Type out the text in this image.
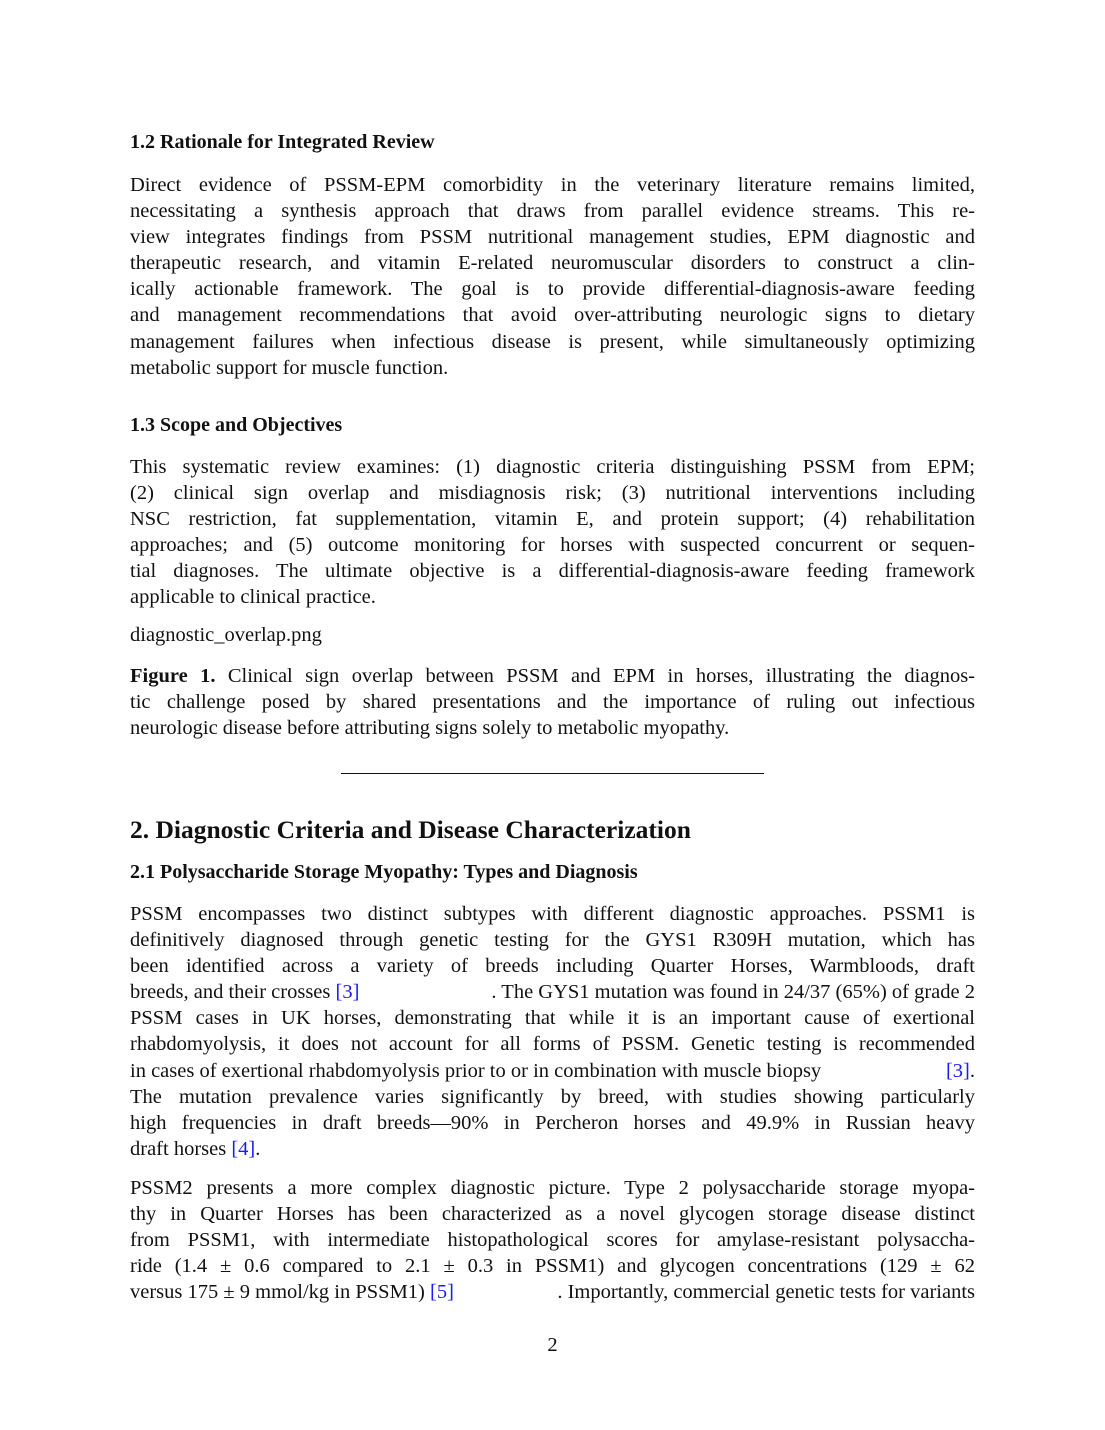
1.2 Rationale for Integrated Review
Direct evidence of PSSM-EPM comorbidity in the veterinary literature remains limited,
necessitating a synthesis approach that draws from parallel evidence streams. This re-
view integrates findings from PSSM nutritional management studies, EPM diagnostic and
therapeutic research, and vitamin E-related neuromuscular disorders to construct a clin-
ically actionable framework. The goal is to provide differential-diagnosis-aware feeding
and management recommendations that avoid over-attributing neurologic signs to dietary
management failures when infectious disease is present, while simultaneously optimizing
metabolic support for muscle function.
1.3 Scope and Objectives
This systematic review examines: (1) diagnostic criteria distinguishing PSSM from EPM;
(2) clinical sign overlap and misdiagnosis risk; (3) nutritional interventions including
NSC restriction, fat supplementation, vitamin E, and protein support; (4) rehabilitation
approaches; and (5) outcome monitoring for horses with suspected concurrent or sequen-
tial diagnoses. The ultimate objective is a differential-diagnosis-aware feeding framework
applicable to clinical practice.
diagnostic_overlap.png
Figure 1. Clinical sign overlap between PSSM and EPM in horses, illustrating the diagnos-
tic challenge posed by shared presentations and the importance of ruling out infectious
neurologic disease before attributing signs solely to metabolic myopathy.
2. Diagnostic Criteria and Disease Characterization
2.1 Polysaccharide Storage Myopathy: Types and Diagnosis
PSSM encompasses two distinct subtypes with different diagnostic approaches. PSSM1 is
definitively diagnosed through genetic testing for the GYS1 R309H mutation, which has
been identified across a variety of breeds including Quarter Horses, Warmbloods, draft
breeds, and their crosses [3]	. The GYS1 mutation was found in 24/37 (65%) of grade 2
PSSM cases in UK horses, demonstrating that while it is an important cause of exertional
rhabdomyolysis, it does not account for all forms of PSSM. Genetic testing is recommended
in cases of exertional rhabdomyolysis prior to or in combination with muscle biopsy	[3].
The mutation prevalence varies significantly by breed, with studies showing particularly
high frequencies in draft breeds—90% in Percheron horses and 49.9% in Russian heavy
draft horses [4].
PSSM2 presents a more complex diagnostic picture. Type 2 polysaccharide storage myopa-
thy in Quarter Horses has been characterized as a novel glycogen storage disease distinct
from PSSM1, with intermediate histopathological scores for amylase-resistant polysaccha-
ride (1.4 ± 0.6 compared to 2.1 ± 0.3 in PSSM1) and glycogen concentrations (129 ± 62
versus 175 ± 9 mmol/kg in PSSM1) [5]	. Importantly, commercial genetic tests for variants
2
